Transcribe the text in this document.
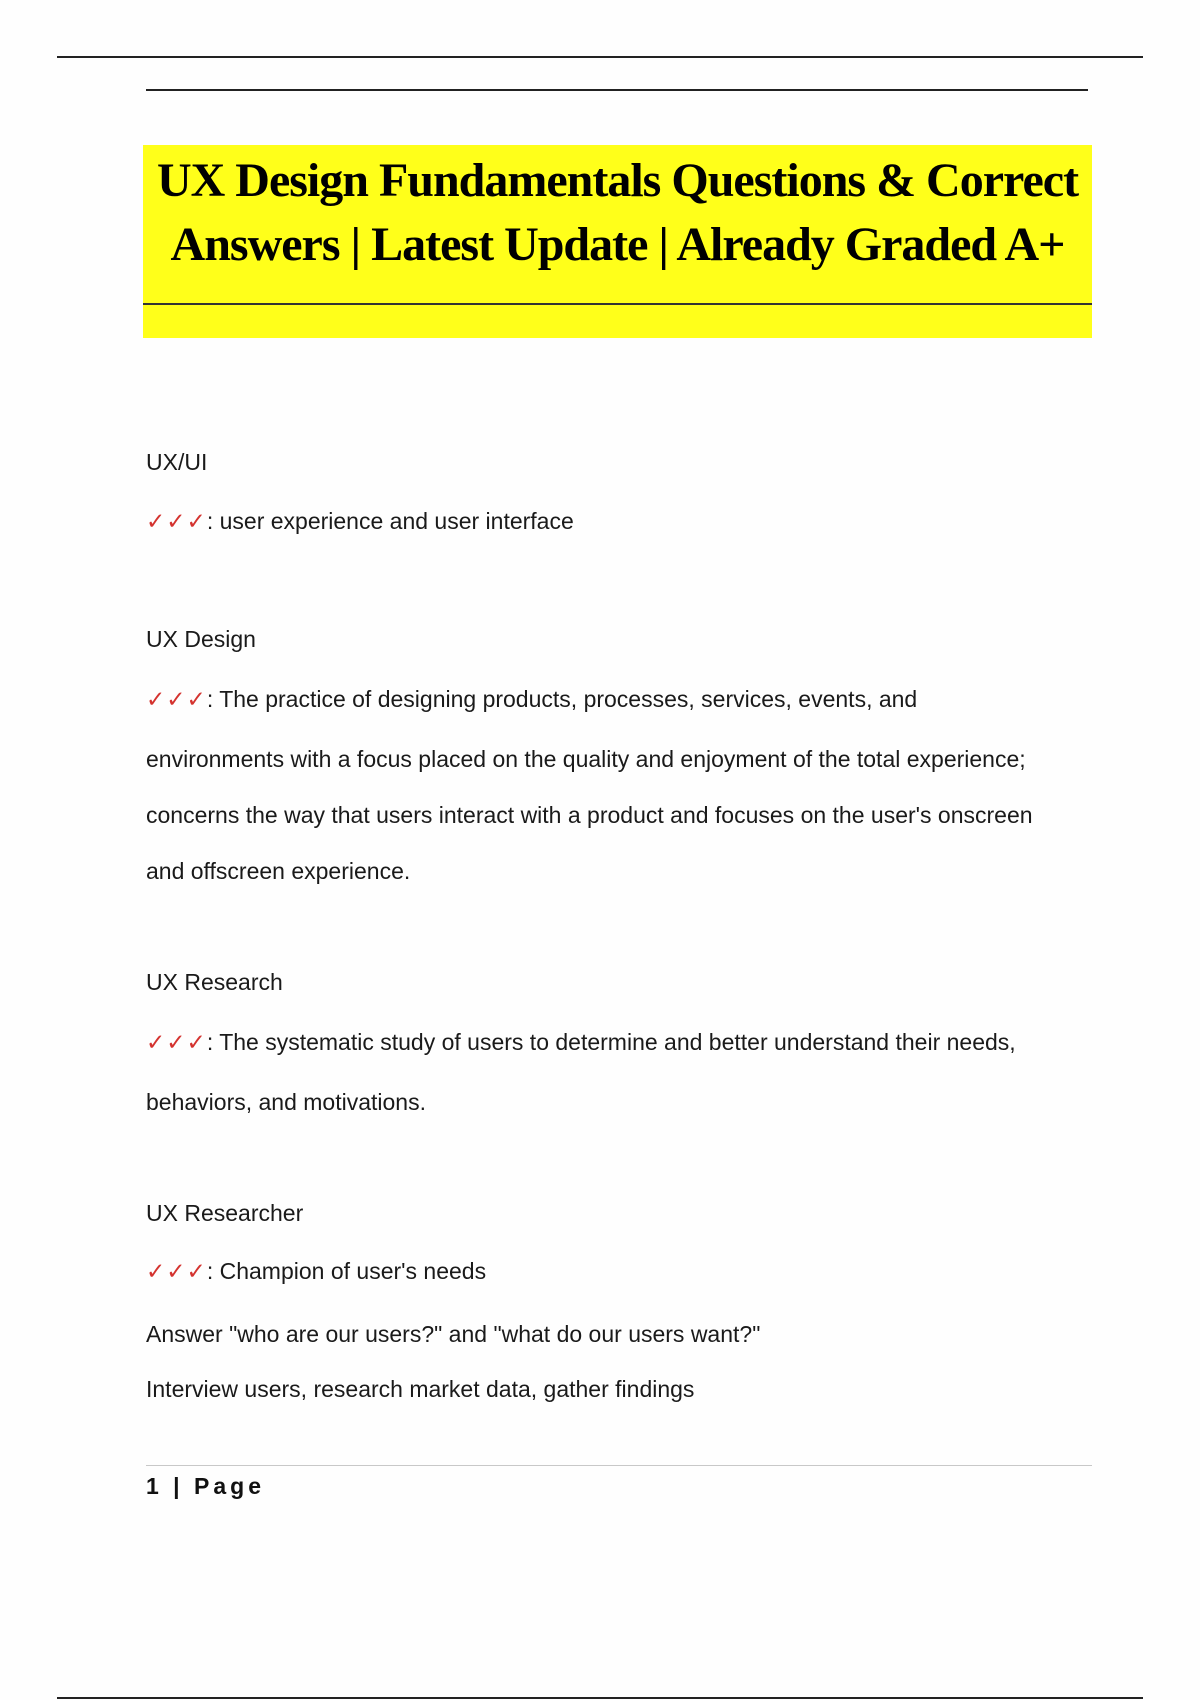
UX Design Fundamentals Questions & Correct
Answers | Latest Update | Already Graded A+
UX/UI
✓✓✓: user experience and user interface
UX Design
✓✓✓: The practice of designing products, processes, services, events, and
environments with a focus placed on the quality and enjoyment of the total experience;
concerns the way that users interact with a product and focuses on the user's onscreen
and offscreen experience.
UX Research
✓✓✓: The systematic study of users to determine and better understand their needs,
behaviors, and motivations.
UX Researcher
✓✓✓: Champion of user's needs
Answer "who are our users?" and "what do our users want?"
Interview users, research market data, gather findings
1 | Page
